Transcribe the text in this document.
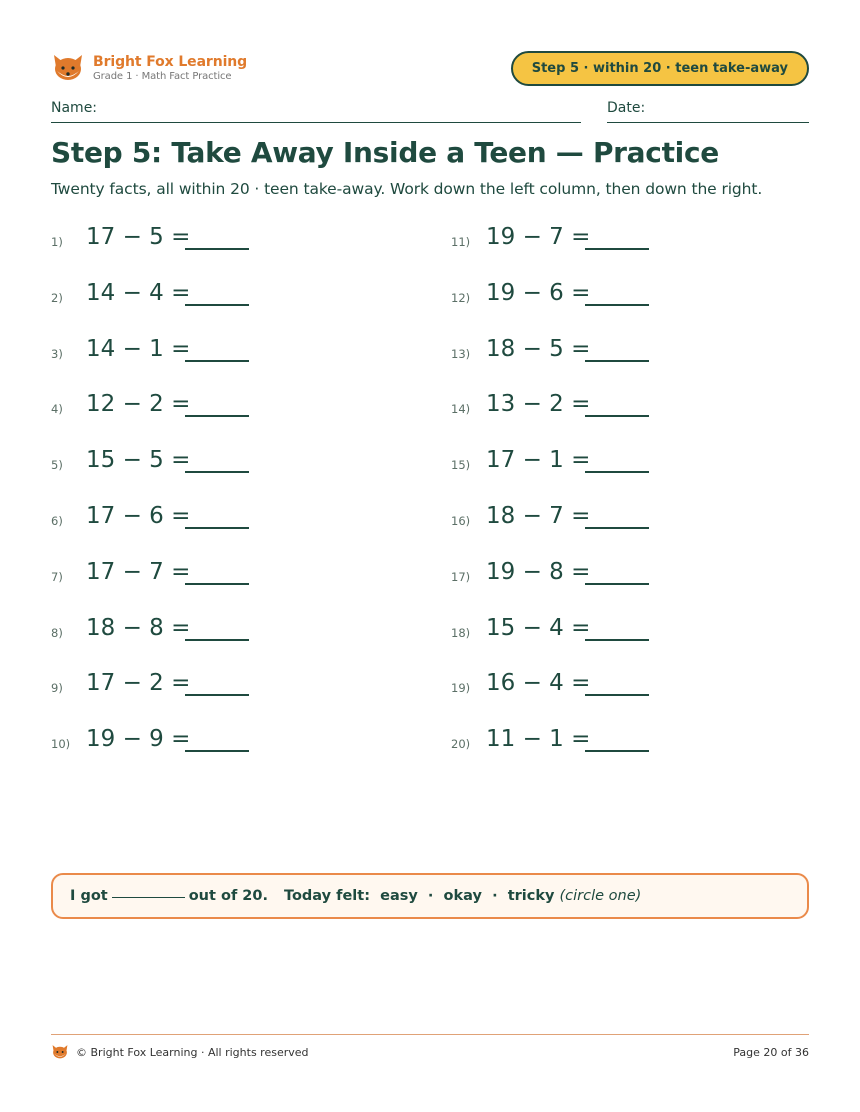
Bright Fox Learning
Grade 1 · Math Fact Practice
Step 5 · within 20 · teen take-away
Name:	Date:
Step 5: Take Away Inside a Teen — Practice
Twenty facts, all within 20 · teen take-away. Work down the left column, then down the right.
1) 17 − 5 =
2) 14 − 4 =
3) 14 − 1 =
4) 12 − 2 =
5) 15 − 5 =
6) 17 − 6 =
7) 17 − 7 =
8) 18 − 8 =
9) 17 − 2 =
10) 19 − 9 =
11) 19 − 7 =
12) 19 − 6 =
13) 18 − 5 =
14) 13 − 2 =
15) 17 − 1 =
16) 18 − 7 =
17) 19 − 8 =
18) 15 − 4 =
19) 16 − 4 =
20) 11 − 1 =
I got	out of 20. Today felt: easy · okay · tricky (circle one)
© Bright Fox Learning · All rights reserved	Page 20 of 36
